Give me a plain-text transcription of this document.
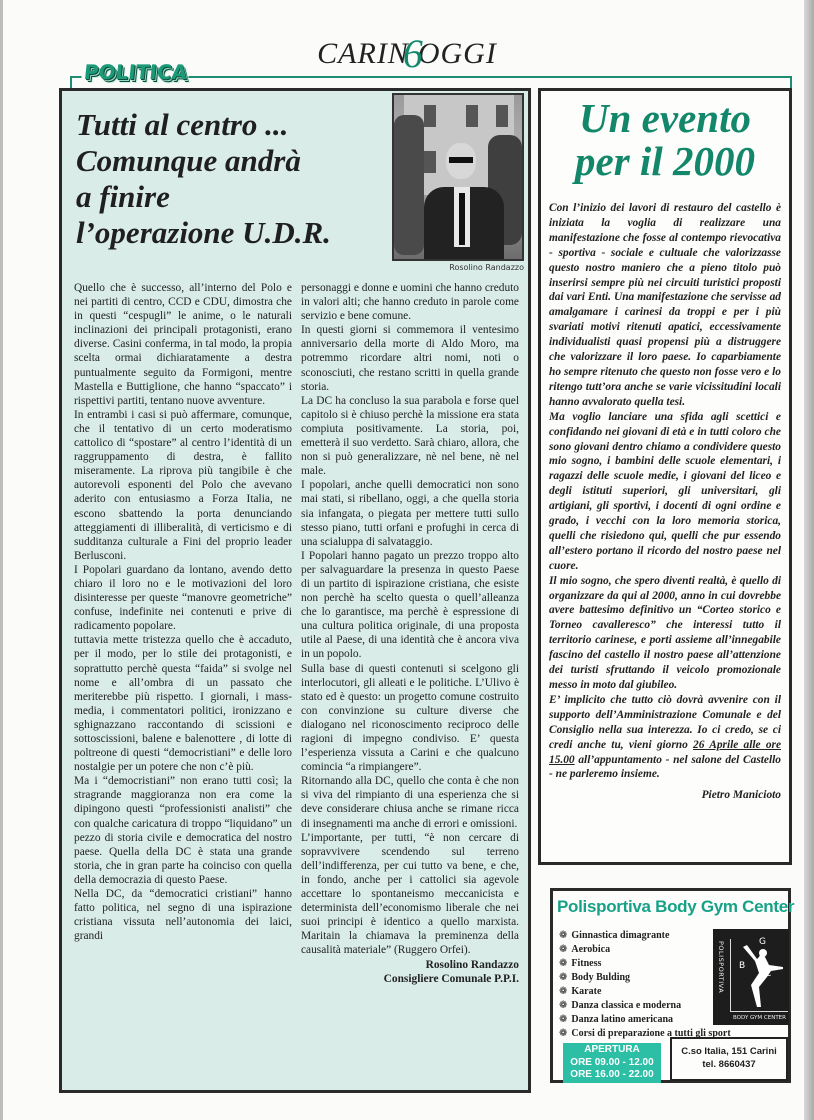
CARIN6OGGI
POLITICA
Tutti al centro ...
Comunque andrà
a finire
l’operazione U.D.R.
Rosolino Randazzo

Quello che è successo, all’interno del Polo e nei partiti di centro, CCD e CDU, dimostra che in questi “cespugli” le anime, o le naturali inclinazioni dei principali protagonisti, erano diverse. Casini conferma, in tal modo, la propia scelta ormai dichiaratamente a destra puntualmente seguito da Formigoni, mentre Mastella e Buttiglione, che hanno “spaccato” i rispettivi partiti, tentano nuove avventure.

In entrambi i casi si può affermare, comunque, che il tentativo di un certo moderatismo cattolico di “spostare” al centro l’identità di un raggruppamento di destra, è fallito miseramente. La riprova più tangibile è che autorevoli esponenti del Polo che avevano aderito con entusiasmo a Forza Italia, ne escono sbattendo la porta denunciando atteggiamenti di illiberalità, di verticismo e di sudditanza culturale a Fini del proprio leader Berlusconi.

I Popolari guardano da lontano, avendo detto chiaro il loro no e le motivazioni del loro disinteresse per queste “manovre geometriche” confuse, indefinite nei contenuti e prive di radicamento popolare.

tuttavia mette tristezza quello che è accaduto, per il modo, per lo stile dei protagonisti, e soprattutto perchè questa “faida” si svolge nel nome e all’ombra di un passato che meriterebbe più rispetto. I giornali, i mass-media, i commentatori politici, ironizzano e sghignazzano raccontando di scissioni e sottoscissioni, balene e balenottere , di lotte di poltreone di questi “democristiani” e delle loro nostalgie per un potere che non c’è più.

Ma i “democristiani” non erano tutti così; la stragrande maggioranza non era come la dipingono questi “professionisti analisti” che con qualche caricatura di troppo “liquidano” un pezzo di storia civile e democratica del nostro paese. Quella della DC è stata una grande storia, che in gran parte ha coinciso con quella della democrazia di questo Paese.

Nella DC, da “democratici cristiani” hanno fatto politica, nel segno di una ispirazione cristiana vissuta nell’autonomia dei laici, grandi

personaggi e donne e uomini che hanno creduto in valori alti; che hanno creduto in parole come servizio e bene comune.

In questi giorni si commemora il ventesimo anniversario della morte di Aldo Moro, ma potremmo ricordare altri nomi, noti o sconosciuti, che restano scritti in quella grande storia.

La DC ha concluso la sua parabola e forse quel capitolo si è chiuso perchè la missione era stata compiuta positivamente. La storia, poi, emetterà il suo verdetto. Sarà chiaro, allora, che non si può generalizzare, nè nel bene, nè nel male.

I popolari, anche quelli democratici non sono mai stati, si ribellano, oggi, a che quella storia sia infangata, o piegata per mettere tutti sullo stesso piano, tutti orfani e profughi in cerca di una scialuppa di salvataggio.

I Popolari hanno pagato un prezzo troppo alto per salvaguardare la presenza in questo Paese di un partito di ispirazione cristiana, che esiste non perchè ha scelto questa o quell’alleanza che lo garantisce, ma perchè è espressione di una cultura politica originale, di una proposta utile al Paese, di una identità che è ancora viva in un popolo.

Sulla base di questi contenuti si scelgono gli interlocutori, gli alleati e le politiche. L’Ulivo è stato ed è questo: un progetto comune costruito con convinzione su culture diverse che dialogano nel riconoscimento reciproco delle ragioni di impegno condiviso. E’ questa l’esperienza vissuta a Carini e che qualcuno comincia “a rimpiangere”.

Ritornando alla DC, quello che conta è che non si viva del rimpianto di una esperienza che si deve considerare chiusa anche se rimane ricca di insegnamenti ma anche di errori e omissioni.

L’importante, per tutti, “è non cercare di sopravvivere scendendo sul terreno dell’indifferenza, per cui tutto va bene, e che, in fondo, anche per i cattolici sia agevole accettare lo spontaneismo meccanicista e determinista dell’economismo liberale che nei suoi principi è identico a quello marxista. Maritain la chiamava la preminenza della causalità materiale” (Ruggero Orfei).

Rosolino Randazzo

Consigliere Comunale P.P.I.

Un evento
per il 2000

Con l’inizio dei lavori di restauro del castello è iniziata la voglia di realizzare una manifestazione che fosse al contempo rievocativa - sportiva - sociale e cultuale che valorizzasse questo nostro maniero che a pieno titolo può inserirsi sempre più nei circuiti turistici proposti dai vari Enti. Una manifestazione che servisse ad amalgamare i carinesi da troppi e per i più svariati motivi ritenuti apatici, eccessivamente individualisti quasi propensi più a distruggere che valorizzare il loro paese. Io caparbiamente ho sempre ritenuto che questo non fosse vero e lo ritengo tutt’ora anche se varie vicissitudini locali hanno avvalorato quella tesi.

Ma voglio lanciare una sfida agli scettici e confidando nei giovani di età e in tutti coloro che sono giovani dentro chiamo a condividere questo mio sogno, i bambini delle scuole elementari, i ragazzi delle scuole medie, i giovani del liceo e degli istituti superiori, gli universitari, gli artigiani, gli sportivi, i docenti di ogni ordine e grado, i vecchi con la loro memoria storica, quelli che risiedono qui, quelli che pur essendo all’estero portano il ricordo del nostro paese nel cuore.

Il mio sogno, che spero diventi realtà, è quello di organizzare da qui al 2000, anno in cui dovrebbe avere battesimo definitivo un “Corteo storico e Torneo cavalleresco” che interessi tutto il territorio carinese, e porti assieme all’innegabile fascino del castello il nostro paese all’attenzione dei turisti sfruttando il veicolo promozionale messo in moto dal giubileo.

E’ implicito che tutto ciò dovrà avvenire con il supporto dell’Amministrazione Comunale e del Consiglio nella sua interezza. Io ci credo, se ci credi anche tu, vieni giorno 26 Aprile alle ore 15.00 all’appuntamento - nel salone del Castello - ne parleremo insieme.

Pietro Manicioto

Polisportiva Body Gym Center
❁ Ginnastica dimagrante
❁ Aerobica
❁ Fitness
❁ Body Bulding
❁ Karate
❁ Danza classica e moderna
❁ Danza latino americana
❁ Corsi di preparazione a tutti gli sport
POLISPORTIVA	G
B
C
BODY GYM CENTER
APERTURA
ORE 09.00 - 12.00
ORE 16.00 - 22.00
C.so Italia, 151 Carini
tel. 8660437
